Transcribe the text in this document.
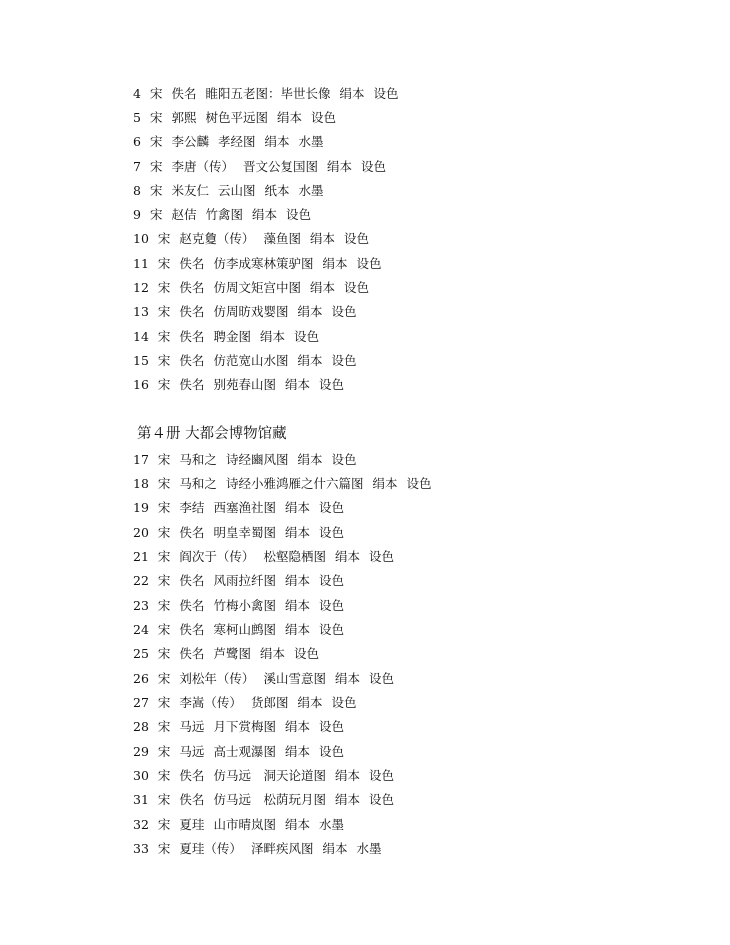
4 宋 佚名 睢阳五老图：毕世长像 绢本 设色
5 宋 郭熙 树色平远图 绢本 设色
6 宋 李公麟 孝经图 绢本 水墨
7 宋 李唐（传） 晋文公复国图 绢本 设色
8 宋 米友仁 云山图 纸本 水墨
9 宋 赵佶 竹禽图 绢本 设色
10 宋 赵克敻（传） 藻鱼图 绢本 设色
11 宋 佚名 仿李成寒林策驴图 绢本 设色
12 宋 佚名 仿周文矩宫中图 绢本 设色
13 宋 佚名 仿周昉戏婴图 绢本 设色
14 宋 佚名 聘金图 绢本 设色
15 宋 佚名 仿范宽山水图 绢本 设色
16 宋 佚名 别苑春山图 绢本 设色
第４册 大都会博物馆藏
17 宋 马和之 诗经豳风图 绢本 设色
18 宋 马和之 诗经小雅鸿雁之什六篇图 绢本 设色
19 宋 李结 西塞渔社图 绢本 设色
20 宋 佚名 明皇幸蜀图 绢本 设色
21 宋 阎次于（传） 松壑隐栖图 绢本 设色
22 宋 佚名 风雨拉纤图 绢本 设色
23 宋 佚名 竹梅小禽图 绢本 设色
24 宋 佚名 寒柯山鹧图 绢本 设色
25 宋 佚名 芦鹭图 绢本 设色
26 宋 刘松年（传） 溪山雪意图 绢本 设色
27 宋 李嵩（传） 货郎图 绢本 设色
28 宋 马远 月下赏梅图 绢本 设色
29 宋 马远 高士观瀑图 绢本 设色
30 宋 佚名 仿马远　洞天论道图 绢本 设色
31 宋 佚名 仿马远　松荫玩月图 绢本 设色
32 宋 夏珪 山市晴岚图 绢本 水墨
33 宋 夏珪（传） 泽畔疾风图 绢本 水墨
